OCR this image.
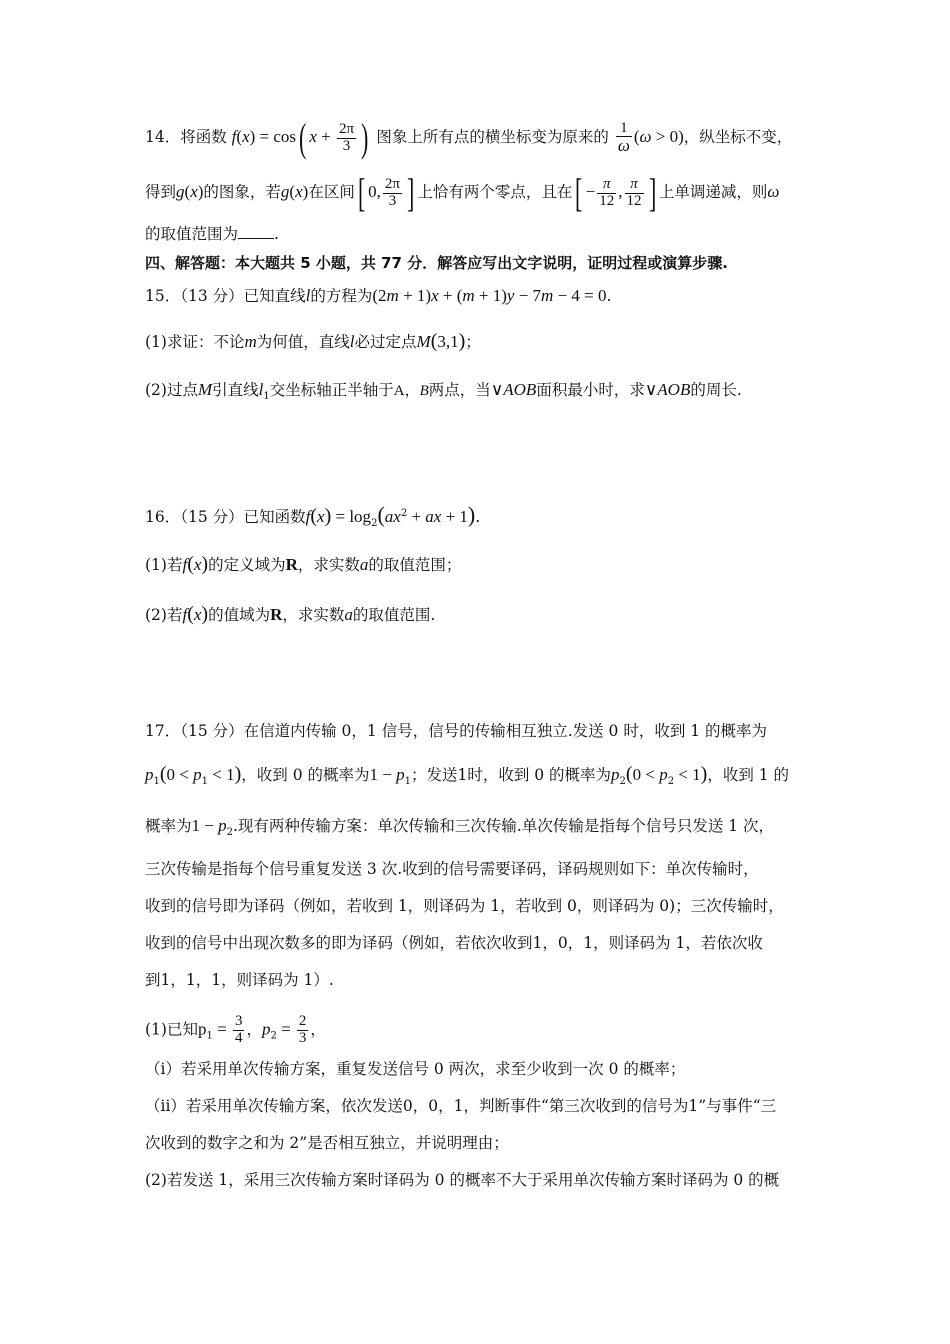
14．将函数 f(x) = cos( $x + \frac{2\pi}{3}$ ) 图象上所有点的横坐标变为原来的 $\frac{1}{\omega} (\omega > 0)$，纵坐标不变，
得到g(x)的图象，若g(x)在区间[ 0, $\frac{2\pi}{3}$ ] 上恰有两个零点，且在[ − $\frac{\pi}{12}$ , $\frac{\pi}{12}$ ] 上单调递减，则ω
的取值范围为 .
四、解答题：本大题共 5 小题，共 77 分．解答应写出文字说明，证明过程或演算步骤.
15．（13 分）已知直线l的方程为(2m + 1)x + (m + 1)y − 7m − 4 = 0.
(1)求证：不论m为何值，直线l必过定点M(3,1)；
(2)过点M引直线$l_1$交坐标轴正半轴于A，B两点，当∨AOB面积最小时，求∨AOB的周长.
16．（15 分）已知函数$f(x) = \log_2(ax^2$ + ax + 1).
(1)若f(x)的定义域为R，求实数a的取值范围；
(2)若f(x)的值域为R，求实数a的取值范围.
17．（15 分）在信道内传输 0，1 信号，信号的传输相互独立.发送 0 时，收到 1 的概率为
$p_1(0 < p_1 < 1)$，收到 0 的概率为$1 - p_1$；发送1时，收到 0 的概率为$p_2(0 < p_2 < 1)$，收到 1 的
概率为$1 - p_2$.现有两种传输方案：单次传输和三次传输.单次传输是指每个信号只发送 1 次，
三次传输是指每个信号重复发送 3 次.收到的信号需要译码，译码规则如下：单次传输时，
收到的信号即为译码（例如，若收到 1，则译码为 1，若收到 0，则译码为 0)；三次传输时，
收到的信号中出现次数多的即为译码（例如，若依次收到1，0，1，则译码为 1，若依次收
到1，1，1，则译码为 1）.
(1)已知$p_1 = \frac{3}{4}$ ，$p_2 = \frac{2}{3}$ ，
（i）若采用单次传输方案，重复发送信号 0 两次，求至少收到一次 0 的概率；
（ii）若采用单次传输方案，依次发送0，0，1，判断事件“第三次收到的信号为1”与事件“三
次收到的数字之和为 2”是否相互独立，并说明理由；
(2)若发送 1，采用三次传输方案时译码为 0 的概率不大于采用单次传输方案时译码为 0 的概
